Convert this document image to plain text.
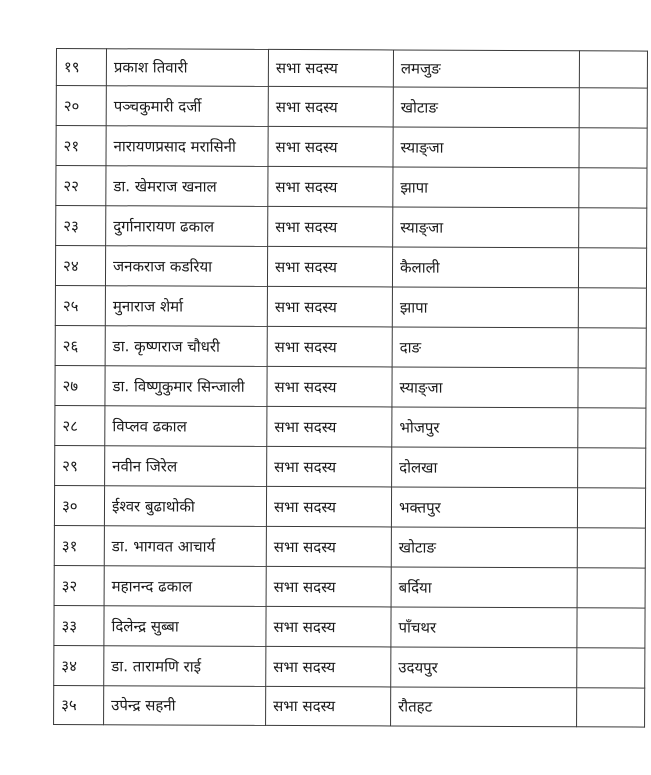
१९	प्रकाश तिवारी	सभा सदस्य	लमजुङ	
२०	पञ्चकुमारी दर्जी	सभा सदस्य	खोटाङ	
२१	नारायणप्रसाद मरासिनी	सभा सदस्य	स्याङ्जा	
२२	डा. खेमराज खनाल	सभा सदस्य	झापा	
२३	दुर्गानारायण ढकाल	सभा सदस्य	स्याङ्जा	
२४	जनकराज कडरिया	सभा सदस्य	कैलाली	
२५	मुनाराज शेर्मा	सभा सदस्य	झापा	
२६	डा. कृष्णराज चौधरी	सभा सदस्य	दाङ	
२७	डा. विष्णुकुमार सिन्जाली	सभा सदस्य	स्याङ्जा	
२८	विप्लव ढकाल	सभा सदस्य	भोजपुर	
२९	नवीन जिरेल	सभा सदस्य	दोलखा	
३०	ईश्वर बुढाथोकी	सभा सदस्य	भक्तपुर	
३१	डा. भागवत आचार्य	सभा सदस्य	खोटाङ	
३२	महानन्द ढकाल	सभा सदस्य	बर्दिया	
३३	दिलेन्द्र सुब्बा	सभा सदस्य	पाँचथर	
३४	डा. तारामणि राई	सभा सदस्य	उदयपुर	
३५	उपेन्द्र सहनी	सभा सदस्य	रौतहट	
